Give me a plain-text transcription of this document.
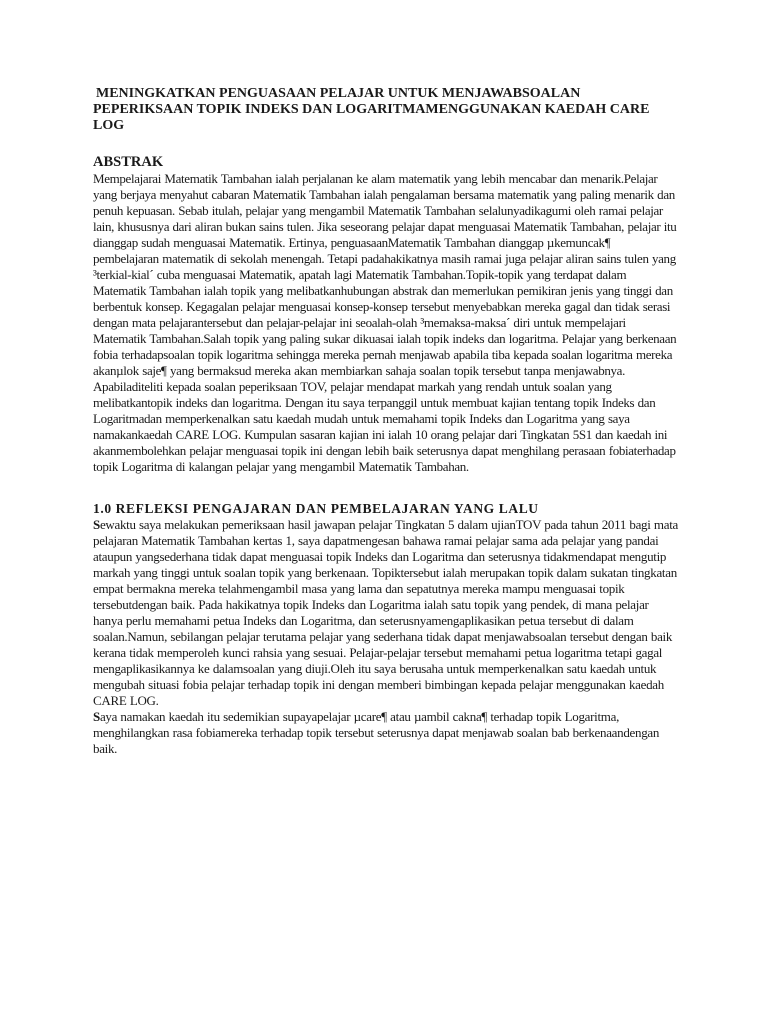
MENINGKATKAN PENGUASAAN PELAJAR UNTUK MENJAWABSOALAN PEPERIKSAAN TOPIK INDEKS DAN LOGARITMAMENGGUNAKAN KAEDAH CARE LOG
ABSTRAK

Mempelajarai Matematik Tambahan ialah perjalanan ke alam matematik yang lebih mencabar dan menarik.Pelajar yang berjaya menyahut cabaran Matematik Tambahan ialah pengalaman bersama matematik yang paling menarik dan penuh kepuasan. Sebab itulah, pelajar yang mengambil Matematik Tambahan selalunyadikagumi oleh ramai pelajar lain, khususnya dari aliran bukan sains tulen. Jika seseorang pelajar dapat menguasai Matematik Tambahan, pelajar itu dianggap sudah menguasai Matematik. Ertinya, penguasaanMatematik Tambahan dianggap µkemuncak¶ pembelajaran matematik di sekolah menengah. Tetapi padahakikatnya masih ramai juga pelajar aliran sains tulen yang ³terkial-kial´ cuba menguasai Matematik, apatah lagi Matematik Tambahan.Topik-topik yang terdapat dalam Matematik Tambahan ialah topik yang melibatkanhubungan abstrak dan memerlukan pemikiran jenis yang tinggi dan berbentuk konsep. Kegagalan pelajar menguasai konsep-konsep tersebut menyebabkan mereka gagal dan tidak serasi dengan mata pelajarantersebut dan pelajar-pelajar ini seoalah-olah ³memaksa-maksa´ diri untuk mempelajari Matematik Tambahan.Salah topik yang paling sukar dikuasai ialah topik indeks dan logaritma. Pelajar yang berkenaan fobia terhadapsoalan topik logaritma sehingga mereka pernah menjawab apabila tiba kepada soalan logaritma mereka akanµlok saje¶ yang bermaksud mereka akan membiarkan sahaja soalan topik tersebut tanpa menjawabnya. Apabiladiteliti kepada soalan peperiksaan TOV, pelajar mendapat markah yang rendah untuk soalan yang melibatkantopik indeks dan logaritma. Dengan itu saya terpanggil untuk membuat kajian tentang topik Indeks dan Logaritmadan memperkenalkan satu kaedah mudah untuk memahami topik Indeks dan Logaritma yang saya namakankaedah CARE LOG. Kumpulan sasaran kajian ini ialah 10 orang pelajar dari Tingkatan 5S1 dan kaedah ini akanmembolehkan pelajar menguasai topik ini dengan lebih baik seterusnya dapat menghilang perasaan fobiaterhadap topik Logaritma di kalangan pelajar yang mengambil Matematik Tambahan.

1.0 REFLEKSI PENGAJARAN DAN PEMBELAJARAN YANG LALU

Sewaktu saya melakukan pemeriksaan hasil jawapan pelajar Tingkatan 5 dalam ujianTOV pada tahun 2011 bagi mata pelajaran Matematik Tambahan kertas 1, saya dapatmengesan bahawa ramai pelajar sama ada pelajar yang pandai ataupun yangsederhana tidak dapat menguasai topik Indeks dan Logaritma dan seterusnya tidakmendapat mengutip markah yang tinggi untuk soalan topik yang berkenaan. Topiktersebut ialah merupakan topik dalam sukatan tingkatan empat bermakna mereka telahmengambil masa yang lama dan sepatutnya mereka mampu menguasai topik tersebutdengan baik. Pada hakikatnya topik Indeks dan Logaritma ialah satu topik yang pendek, di mana pelajar hanya perlu memahami petua Indeks dan Logaritma, dan seterusnyamengaplikasikan petua tersebut di dalam soalan.Namun, sebilangan pelajar terutama pelajar yang sederhana tidak dapat menjawabsoalan tersebut dengan baik kerana tidak memperoleh kunci rahsia yang sesuai. Pelajar-pelajar tersebut memahami petua logaritma tetapi gagal mengaplikasikannya ke dalamsoalan yang diuji.Oleh itu saya berusaha untuk memperkenalkan satu kaedah untuk mengubah situasi fobia pelajar terhadap topik ini dengan memberi bimbingan kepada pelajar menggunakan kaedah CARE LOG.

Saya namakan kaedah itu sedemikian supayapelajar µcare¶ atau µambil cakna¶ terhadap topik Logaritma, menghilangkan rasa fobiamereka terhadap topik tersebut seterusnya dapat menjawab soalan bab berkenaandengan baik.
